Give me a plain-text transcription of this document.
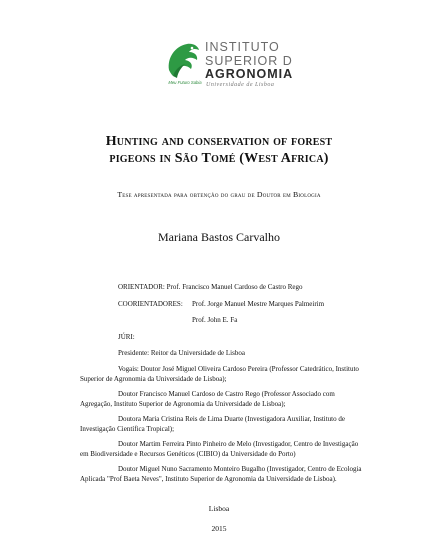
INSTITUTO
SUPERIOR D
AGRONOMIA
Universidade de Lisboa
Meu Futuro Sabia
Hunting and conservation of forest
pigeons in São Tomé (West Africa)
Tese apresentada para obtenção do grau de Doutor em Biologia
Mariana Bastos Carvalho
ORIENTADOR: Prof. Francisco Manuel Cardoso de Castro Rego
COORIENTADORES: Prof. Jorge Manuel Mestre Marques Palmeirim
Prof. John E. Fa
JÚRI:
Presidente: Reitor da Universidade de Lisboa
Vogais: Doutor José Miguel Oliveira Cardoso Pereira (Professor Catedrático, Instituto
Superior de Agronomia da Universidade de Lisboa);
Doutor Francisco Manuel Cardoso de Castro Rego (Professor Associado com
Agregação, Instituto Superior de Agronomia da Universidade de Lisboa);
Doutora Maria Cristina Reis de Lima Duarte (Investigadora Auxiliar, Instituto de
Investigação Científica Tropical);
Doutor Martim Ferreira Pinto Pinheiro de Melo (Investigador, Centro de Investigação
em Biodiversidade e Recursos Genéticos (CIBIO) da Universidade do Porto)
Doutor Miguel Nuno Sacramento Monteiro Bugalho (Investigador, Centro de Ecologia
Aplicada "Prof Baeta Neves", Instituto Superior de Agronomia da Universidade de Lisboa).
Lisboa
2015
